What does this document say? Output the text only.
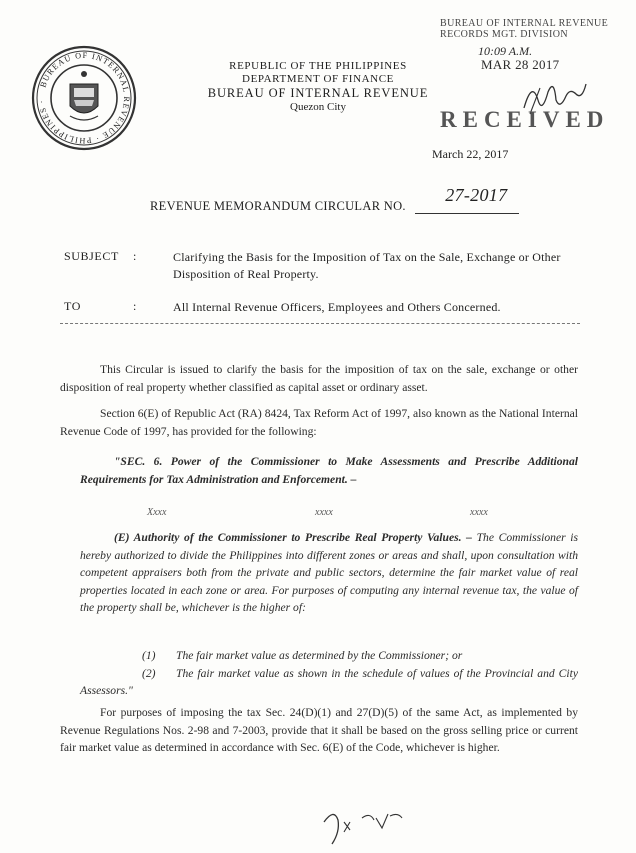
BUREAU OF INTERNAL REVENUE · PHILIPPINES ·
REPUBLIC OF THE PHILIPPINES
DEPARTMENT OF FINANCE
BUREAU OF INTERNAL REVENUE
Quezon City
BUREAU OF INTERNAL REVENUE
RECORDS MGT. DIVISION
10:09 A.M.
MAR 28 2017
RECEIVED
March 22, 2017
REVENUE MEMORANDUM CIRCULAR NO.
27-2017
SUBJECT :	Clarifying the Basis for the Imposition of Tax on the Sale, Exchange or Other Disposition of Real Property.
TO	:	All Internal Revenue Officers, Employees and Others Concerned.
This Circular is issued to clarify the basis for the imposition of tax on the sale, exchange or other disposition of real property whether classified as capital asset or ordinary asset.
Section 6(E) of Republic Act (RA) 8424, Tax Reform Act of 1997, also known as the National Internal Revenue Code of 1997, has provided for the following:
"SEC. 6. Power of the Commissioner to Make Assessments and Prescribe Additional Requirements for Tax Administration and Enforcement. –
Xxxx	xxxx	xxxx
(E) Authority of the Commissioner to Prescribe Real Property Values. – The Commissioner is hereby authorized to divide the Philippines into different zones or areas and shall, upon consultation with competent appraisers both from the private and public sectors, determine the fair market value of real properties located in each zone or area. For purposes of computing any internal revenue tax, the value of the property shall be, whichever is the higher of:
(1) The fair market value as determined by the Commissioner; or
(2) The fair market value as shown in the schedule of values of the Provincial and City Assessors."
For purposes of imposing the tax Sec. 24(D)(1) and 27(D)(5) of the same Act, as implemented by Revenue Regulations Nos. 2-98 and 7-2003, provide that it shall be based on the gross selling price or current fair market value as determined in accordance with Sec. 6(E) of the Code, whichever is higher.
